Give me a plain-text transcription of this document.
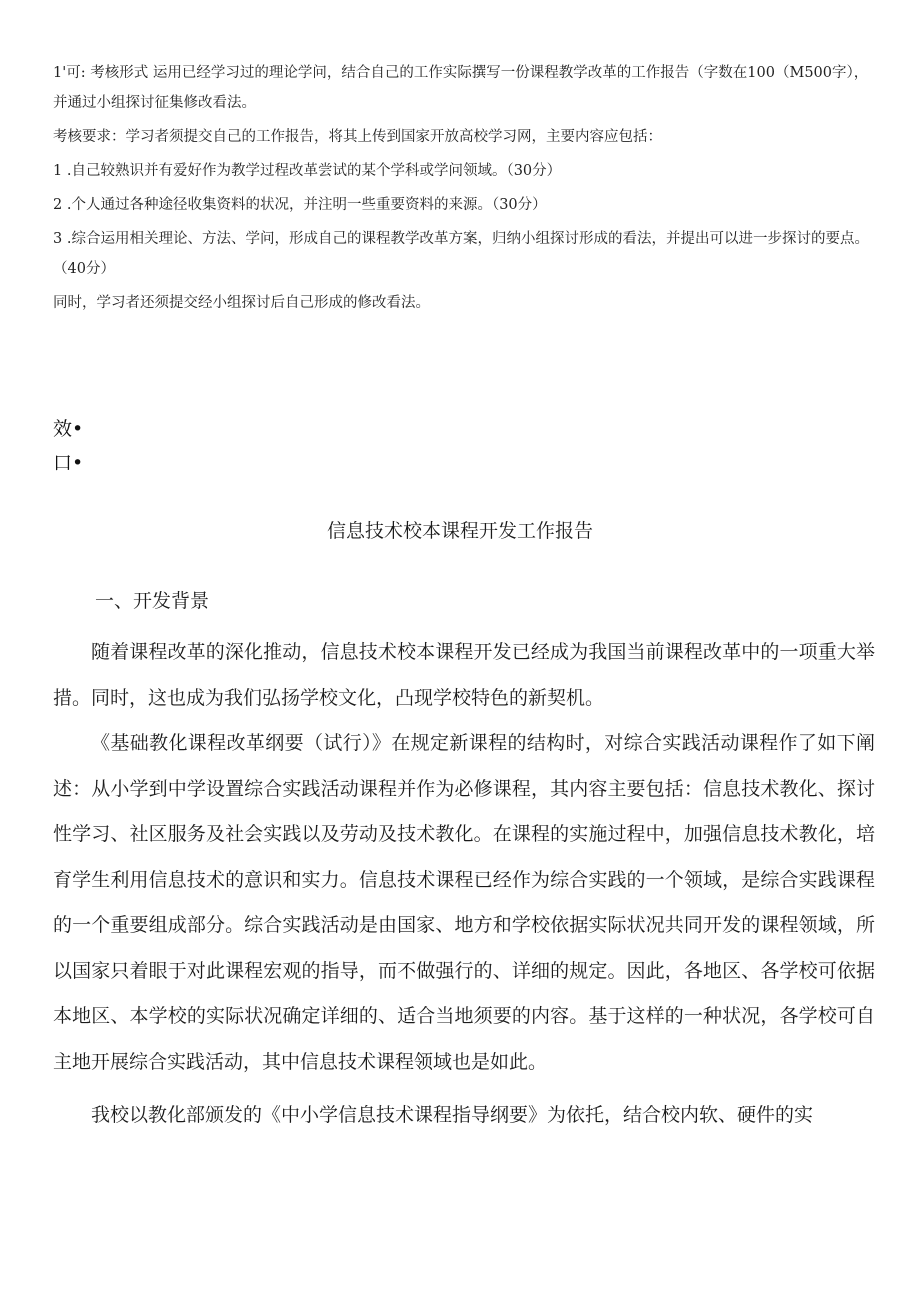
1'可: 考核形式 运用已经学习过的理论学问，结合自己的工作实际撰写一份课程教学改革的工作报告（字数在100（M500字），并通过小组探讨征集修改看法。

考核要求：学习者须提交自己的工作报告，将其上传到国家开放高校学习网，主要内容应包括：

1 .自己较熟识并有爱好作为教学过程改革尝试的某个学科或学问领域。（30分）

2 .个人通过各种途径收集资料的状况，并注明一些重要资料的来源。（30分）

3 .综合运用相关理论、方法、学问，形成自己的课程教学改革方案，归纳小组探讨形成的看法，并提出可以进一步探讨的要点。（40分）

同时，学习者还须提交经小组探讨后自己形成的修改看法。

效•
口•
信息技术校本课程开发工作报告
一、开发背景

随着课程改革的深化推动，信息技术校本课程开发已经成为我国当前课程改革中的一项重大举措。同时，这也成为我们弘扬学校文化，凸现学校特色的新契机。

《基础教化课程改革纲要（试行）》在规定新课程的结构时，对综合实践活动课程作了如下阐述：从小学到中学设置综合实践活动课程并作为必修课程，其内容主要包括：信息技术教化、探讨性学习、社区服务及社会实践以及劳动及技术教化。在课程的实施过程中，加强信息技术教化，培育学生利用信息技术的意识和实力。信息技术课程已经作为综合实践的一个领域，是综合实践课程的一个重要组成部分。综合实践活动是由国家、地方和学校依据实际状况共同开发的课程领域，所以国家只着眼于对此课程宏观的指导，而不做强行的、详细的规定。因此，各地区、各学校可依据本地区、本学校的实际状况确定详细的、适合当地须要的内容。基于这样的一种状况，各学校可自主地开展综合实践活动，其中信息技术课程领域也是如此。

我校以教化部颁发的《中小学信息技术课程指导纲要》为依托，结合校内软、硬件的实
